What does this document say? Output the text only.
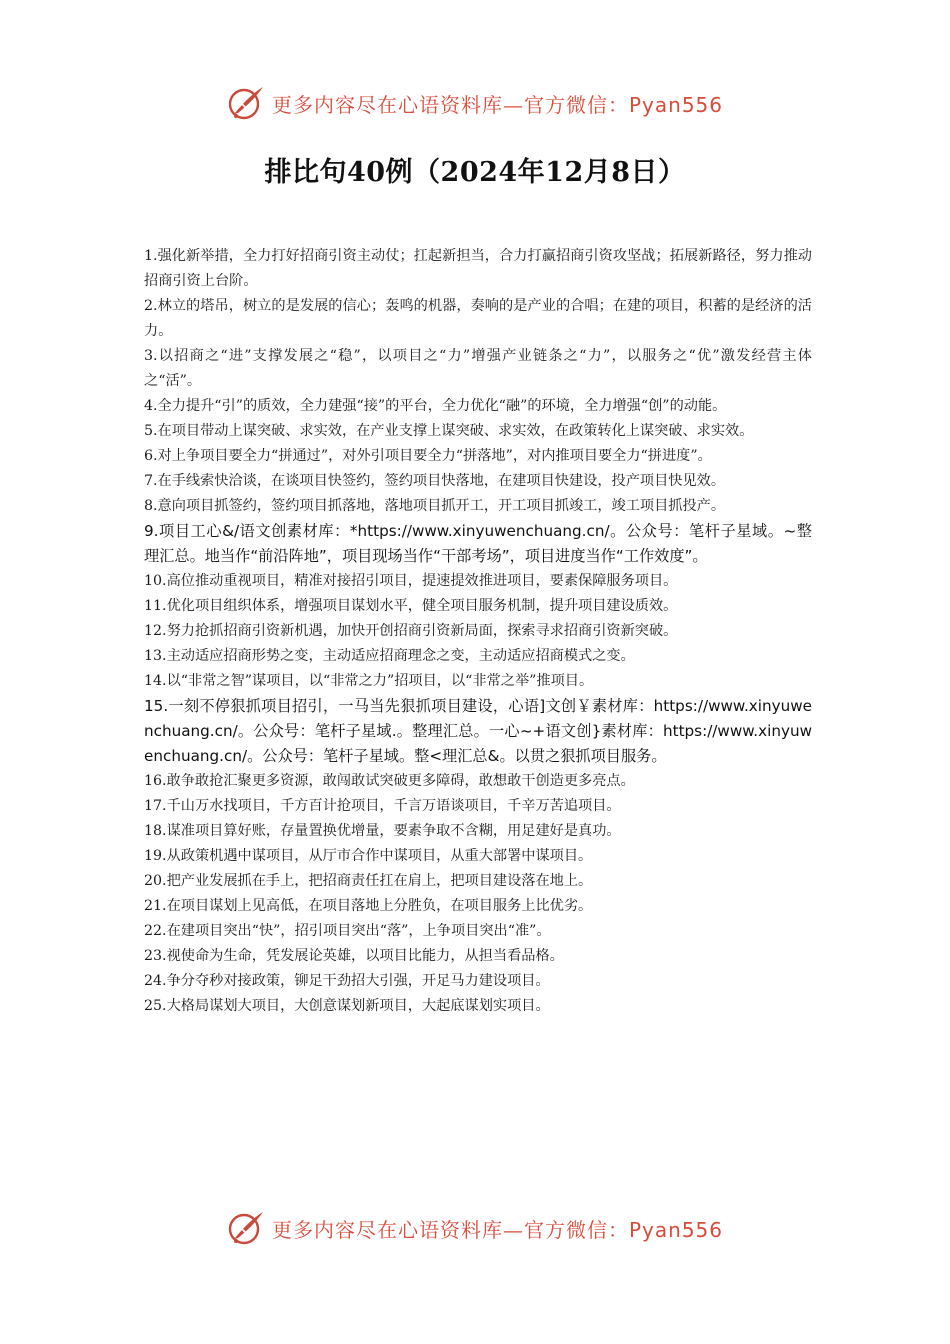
更多内容尽在心语资料库—官方微信：Pyan556
排比句40例（2024年12月8日）

1.强化新举措，全力打好招商引资主动仗；扛起新担当，合力打赢招商引资攻坚战；拓展新路径，努力推动招商引资上台阶。

2.林立的塔吊，树立的是发展的信心；轰鸣的机器，奏响的是产业的合唱；在建的项目，积蓄的是经济的活力。

3.以招商之“进”支撑发展之“稳”，以项目之“力”增强产业链条之“力”，以服务之“优”激发经营主体之“活”。

4.全力提升“引”的质效，全力建强“接”的平台，全力优化“融”的环境，全力增强“创”的动能。

5.在项目带动上谋突破、求实效，在产业支撑上谋突破、求实效，在政策转化上谋突破、求实效。

6.对上争项目要全力“拼通过”，对外引项目要全力“拼落地”，对内推项目要全力“拼进度”。

7.在手线索快洽谈，在谈项目快签约，签约项目快落地，在建项目快建设，投产项目快见效。

8.意向项目抓签约，签约项目抓落地，落地项目抓开工，开工项目抓竣工，竣工项目抓投产。

9.项目工心&/语文创素材库：*https://www.xinyuwenchuang.cn/。公众号：笔杆子星域。~整理汇总。地当作“前沿阵地”，项目现场当作“干部考场”，项目进度当作“工作效度”。

10.高位推动重视项目，精准对接招引项目，提速提效推进项目，要素保障服务项目。

11.优化项目组织体系，增强项目谋划水平，健全项目服务机制，提升项目建设质效。

12.努力抢抓招商引资新机遇，加快开创招商引资新局面，探索寻求招商引资新突破。

13.主动适应招商形势之变，主动适应招商理念之变，主动适应招商模式之变。

14.以“非常之智”谋项目，以“非常之力”招项目，以“非常之举”推项目。

15.一刻不停狠抓项目招引，一马当先狠抓项目建设，心语]文创￥素材库：https://www.xinyuwenchuang.cn/。公众号：笔杆子星域.。整理汇总。一心~+语文创}素材库：https://www.xinyuwenchuang.cn/。公众号：笔杆子星域。整<理汇总&。以贯之狠抓项目服务。

16.敢争敢抢汇聚更多资源，敢闯敢试突破更多障碍，敢想敢干创造更多亮点。

17.千山万水找项目，千方百计抢项目，千言万语谈项目，千辛万苦追项目。

18.谋准项目算好账，存量置换优增量，要素争取不含糊，用足建好是真功。

19.从政策机遇中谋项目，从厅市合作中谋项目，从重大部署中谋项目。

20.把产业发展抓在手上，把招商责任扛在肩上，把项目建设落在地上。

21.在项目谋划上见高低，在项目落地上分胜负，在项目服务上比优劣。

22.在建项目突出“快”，招引项目突出“落”，上争项目突出“准”。

23.视使命为生命，凭发展论英雄，以项目比能力，从担当看品格。

24.争分夺秒对接政策，铆足干劲招大引强，开足马力建设项目。

25.大格局谋划大项目，大创意谋划新项目，大起底谋划实项目。

更多内容尽在心语资料库—官方微信：Pyan556
